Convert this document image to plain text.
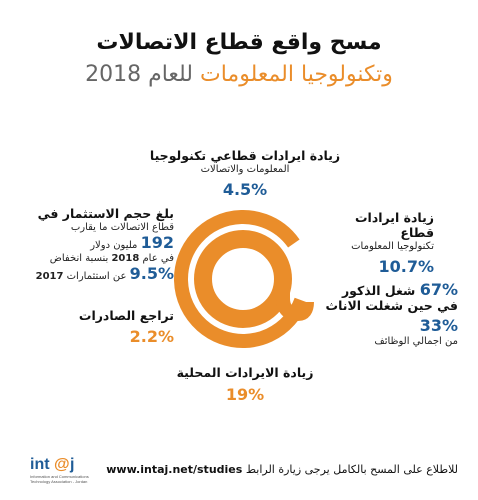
مسح واقع قطاع الاتصالات
وتكنولوجيا المعلومات للعام 2018
زيادة ايرادات قطاعي تكنولوجيا
المعلومات والاتصالات
4.5%
زيادة ايرادات قطاع
تكنولوجيا المعلومات
10.7%
67% شغل الذكور
في حين شغلت الاناث
33%
من اجمالي الوظائف
بلغ حجم الاستثمار في
قطاع الاتصالات ما يقارب
192 مليون دولار
في عام 2018 بنسبة انخفاض
9.5% عن استثمارات 2017
تراجع الصادرات
2.2%
زيادة الايرادات المحلية
19%
int @ j
Information and Communications
Technology Association - Jordan
للاطلاع على المسح بالكامل يرجى زيارة الرابط www.intaj.net/studies
